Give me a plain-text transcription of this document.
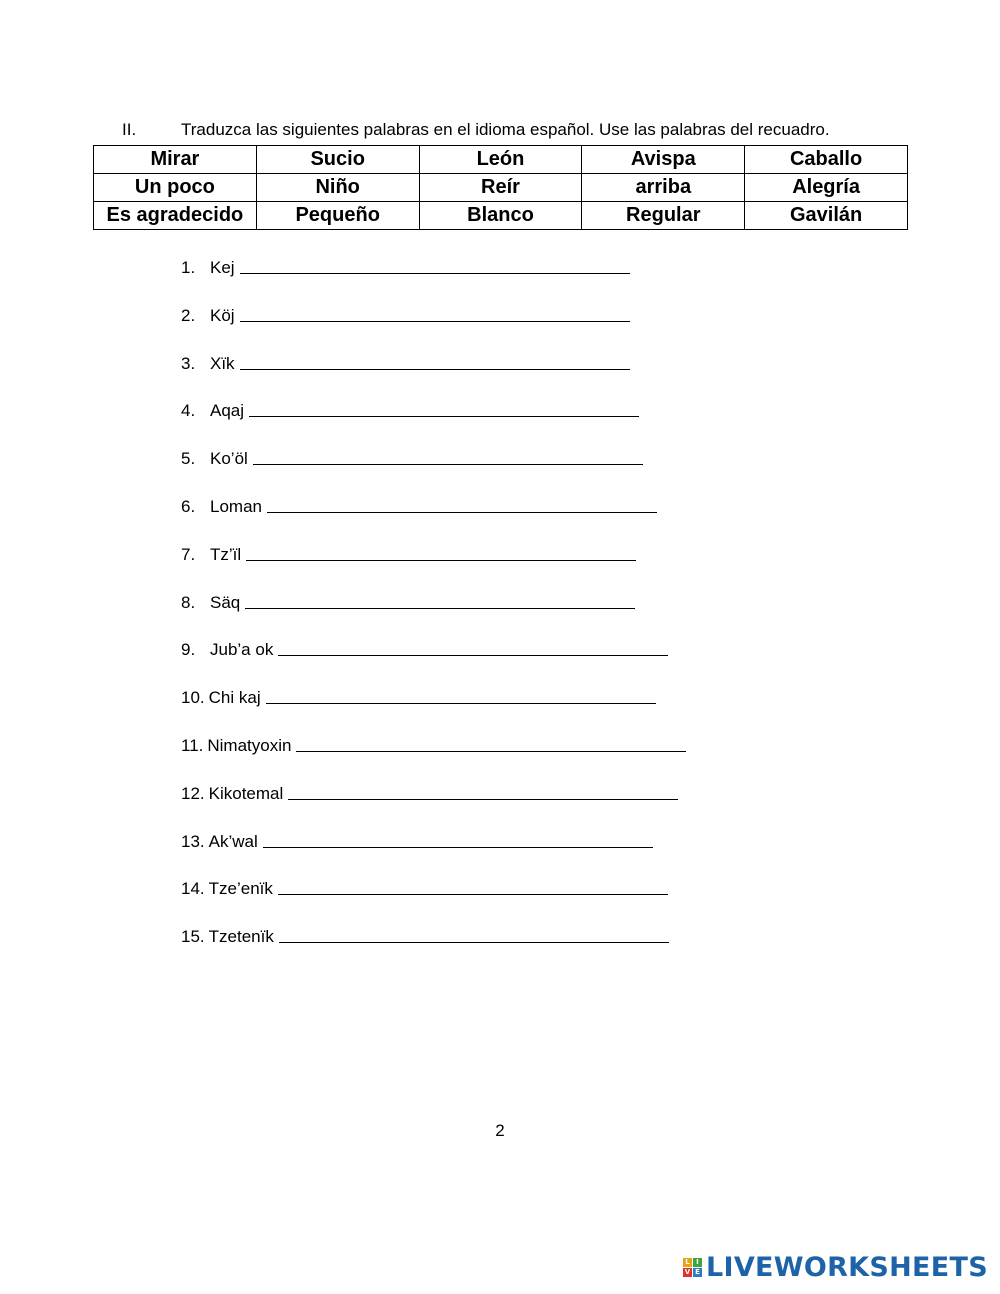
II.	Traduzca las siguientes palabras en el idioma español. Use las palabras del recuadro.
Mirar	Sucio	León	Avispa	Caballo
Un poco	Niño	Reír	arriba	Alegría
Es agradecido	Pequeño	Blanco	Regular	Gavilán
1. Kej
2. Köj
3. Xïk
4. Aqaj
5. Ko’öl
6. Loman
7. Tz’ïl
8. Säq
9. Jub’a ok
10. Chi kaj
11. Nimatyoxin
12. Kikotemal
13. Ak’wal
14. Tze’enïk
15. Tzetenïk
2
L I
V E LIVEWORKSHEETS
